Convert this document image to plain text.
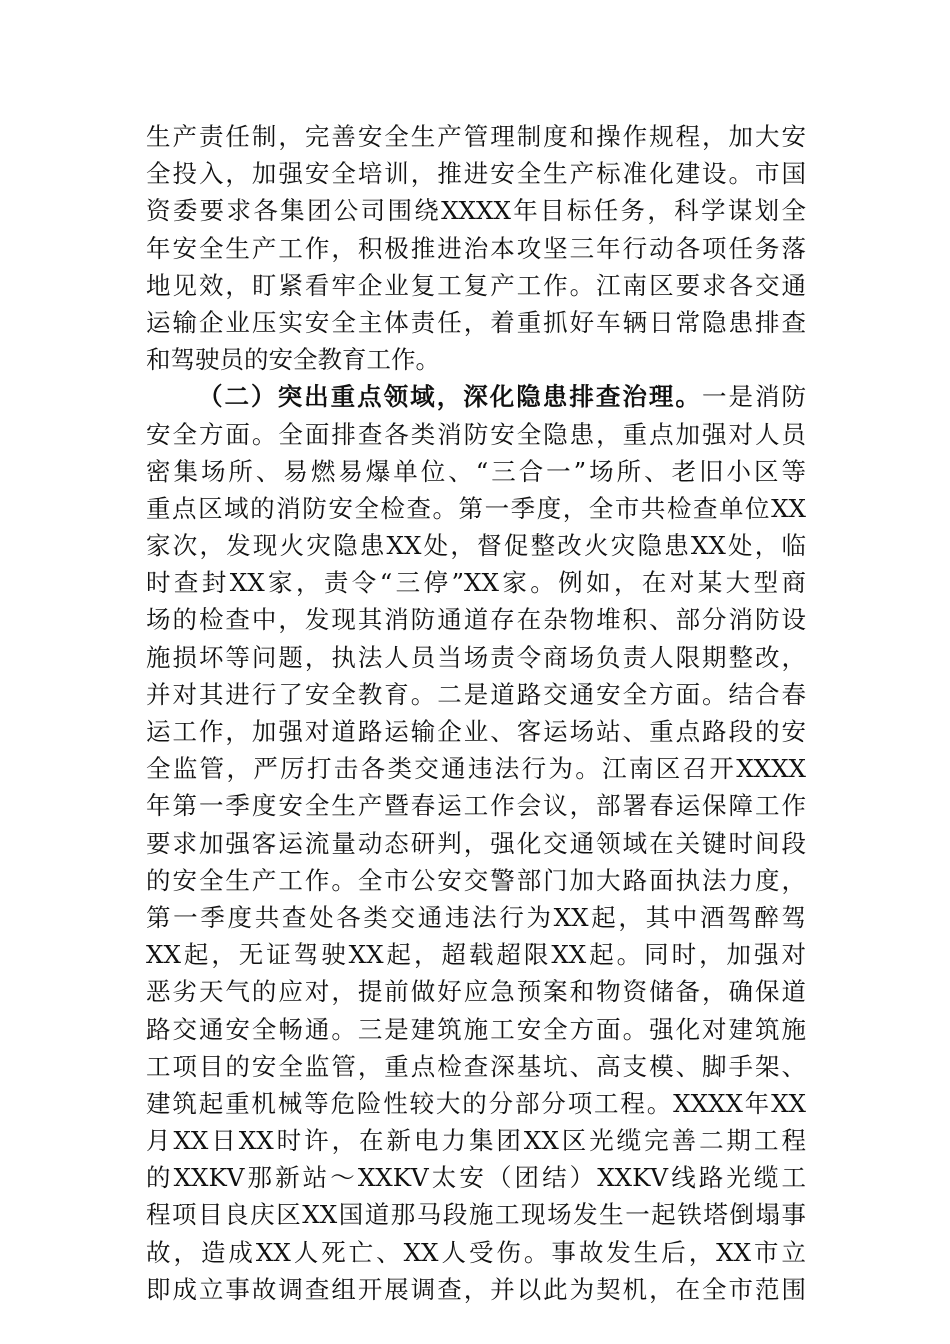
生产责任制，完善安全生产管理制度和操作规程，加大安
全投入，加强安全培训，推进安全生产标准化建设。市国
资委要求各集团公司围绕XXXX年目标任务，科学谋划全
年安全生产工作，积极推进治本攻坚三年行动各项任务落
地见效，盯紧看牢企业复工复产工作。江南区要求各交通
运输企业压实安全主体责任，着重抓好车辆日常隐患排查
和驾驶员的安全教育工作。
（二）突出重点领域，深化隐患排查治理。一是消防
安全方面。全面排查各类消防安全隐患，重点加强对人员
密集场所、易燃易爆单位、“三合一”场所、老旧小区等
重点区域的消防安全检查。第一季度，全市共检查单位XX
家次，发现火灾隐患XX处，督促整改火灾隐患XX处，临
时查封XX家，责令“三停”XX家。例如，在对某大型商
场的检查中，发现其消防通道存在杂物堆积、部分消防设
施损坏等问题，执法人员当场责令商场负责人限期整改，
并对其进行了安全教育。二是道路交通安全方面。结合春
运工作，加强对道路运输企业、客运场站、重点路段的安
全监管，严厉打击各类交通违法行为。江南区召开XXXX
年第一季度安全生产暨春运工作会议，部署春运保障工作
要求加强客运流量动态研判，强化交通领域在关键时间段
的安全生产工作。全市公安交警部门加大路面执法力度，
第一季度共查处各类交通违法行为XX起，其中酒驾醉驾
XX起，无证驾驶XX起，超载超限XX起。同时，加强对
恶劣天气的应对，提前做好应急预案和物资储备，确保道
路交通安全畅通。三是建筑施工安全方面。强化对建筑施
工项目的安全监管，重点检查深基坑、高支模、脚手架、
建筑起重机械等危险性较大的分部分项工程。XXXX年XX
月XX日XX时许，在新电力集团XX区光缆完善二期工程
的XXKV那新站～XXKV太安（团结）XXKV线路光缆工
程项目良庆区XX国道那马段施工现场发生一起铁塔倒塌事
故，造成XX人死亡、XX人受伤。事故发生后，XX市立
即成立事故调查组开展调查，并以此为契机，在全市范围
